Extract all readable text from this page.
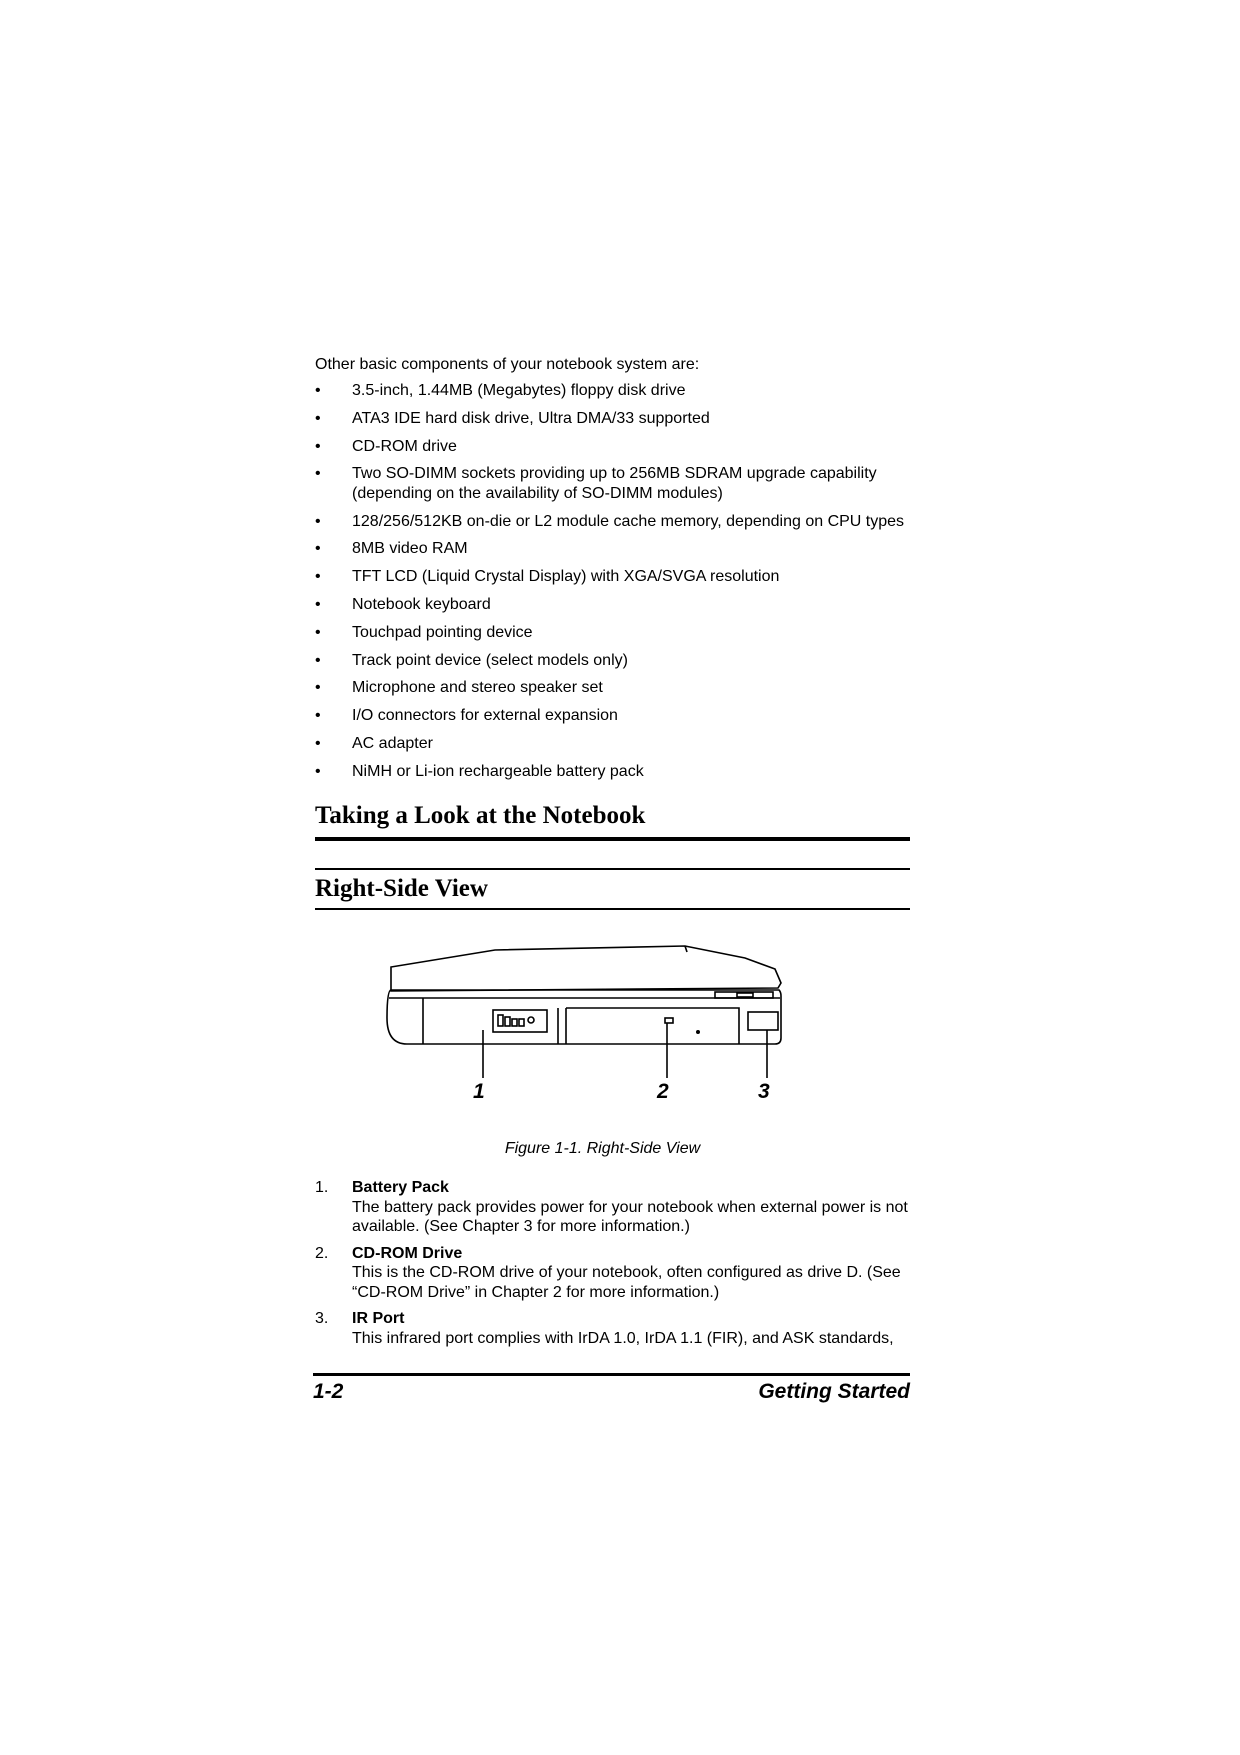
Other basic components of your notebook system are:

• 3.5-inch, 1.44MB (Megabytes) floppy disk drive
• ATA3 IDE hard disk drive, Ultra DMA/33 supported
• CD-ROM drive
• Two SO-DIMM sockets providing up to 256MB SDRAM upgrade capability (depending on the availability of SO-DIMM modules)
• 128/256/512KB on-die or L2 module cache memory, depending on CPU types
• 8MB video RAM
• TFT LCD (Liquid Crystal Display) with XGA/SVGA resolution
• Notebook keyboard
• Touchpad pointing device
• Track point device (select models only)
• Microphone and stereo speaker set
• I/O connectors for external expansion
• AC adapter
• NiMH or Li-ion rechargeable battery pack
Taking a Look at the Notebook
Right-Side View
1	2	3

Figure 1-1. Right-Side View

1. Battery Pack
The battery pack provides power for your notebook when external power is not available. (See Chapter 3 for more information.)
2. CD-ROM Drive
This is the CD-ROM drive of your notebook, often configured as drive D. (See “CD-ROM Drive” in Chapter 2 for more information.)
3. IR Port
This infrared port complies with IrDA 1.0, IrDA 1.1 (FIR), and ASK standards,
1-2	Getting Started
